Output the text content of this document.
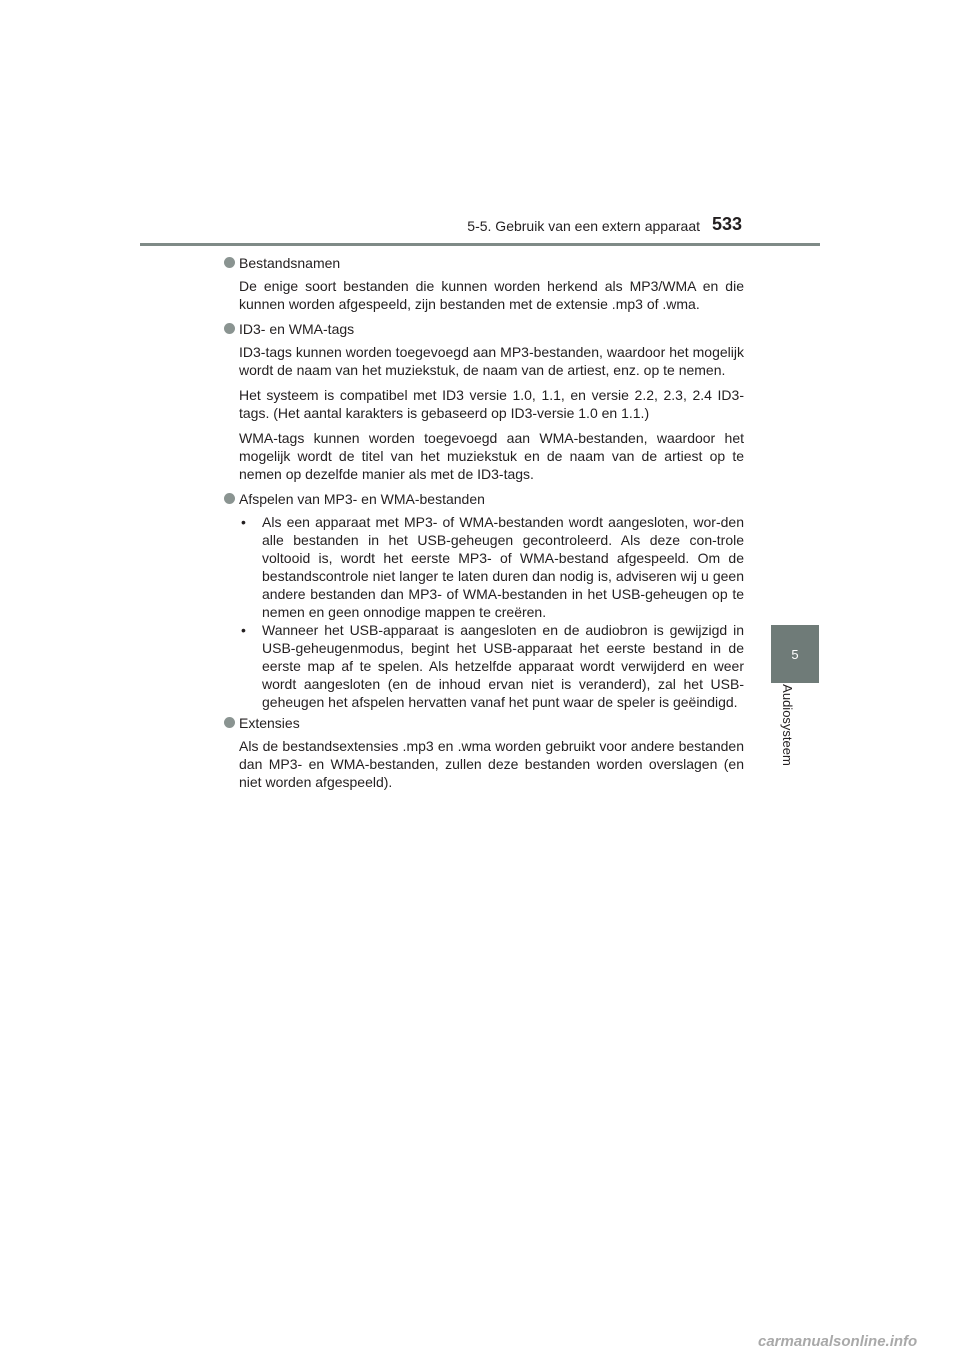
5-5. Gebruik van een extern apparaat 533
5
Audiosysteem
Bestandsnamen
De enige soort bestanden die kunnen worden herkend als MP3/WMA en die kunnen worden afgespeeld, zijn bestanden met de extensie .mp3 of .wma.
ID3- en WMA-tags
ID3-tags kunnen worden toegevoegd aan MP3-bestanden, waardoor het mogelijk wordt de naam van het muziekstuk, de naam van de artiest, enz. op te nemen.
Het systeem is compatibel met ID3 versie 1.0, 1.1, en versie 2.2, 2.3, 2.4 ID3-tags. (Het aantal karakters is gebaseerd op ID3-versie 1.0 en 1.1.)
WMA-tags kunnen worden toegevoegd aan WMA-bestanden, waardoor het mogelijk wordt de titel van het muziekstuk en de naam van de artiest op te nemen op dezelfde manier als met de ID3-tags.
Afspelen van MP3- en WMA-bestanden
• Als een apparaat met MP3- of WMA-bestanden wordt aangesloten, wor-den alle bestanden in het USB-geheugen gecontroleerd. Als deze con-trole voltooid is, wordt het eerste MP3- of WMA-bestand afgespeeld. Om de bestandscontrole niet langer te laten duren dan nodig is, adviseren wij u geen andere bestanden dan MP3- of WMA-bestanden in het USB-geheugen op te nemen en geen onnodige mappen te creëren.
• Wanneer het USB-apparaat is aangesloten en de audiobron is gewijzigd in USB-geheugenmodus, begint het USB-apparaat het eerste bestand in de eerste map af te spelen. Als hetzelfde apparaat wordt verwijderd en weer wordt aangesloten (en de inhoud ervan niet is veranderd), zal het USB-geheugen het afspelen hervatten vanaf het punt waar de speler is geëindigd.
Extensies
Als de bestandsextensies .mp3 en .wma worden gebruikt voor andere bestanden dan MP3- en WMA-bestanden, zullen deze bestanden worden overslagen (en niet worden afgespeeld).
carmanualsonline.info
